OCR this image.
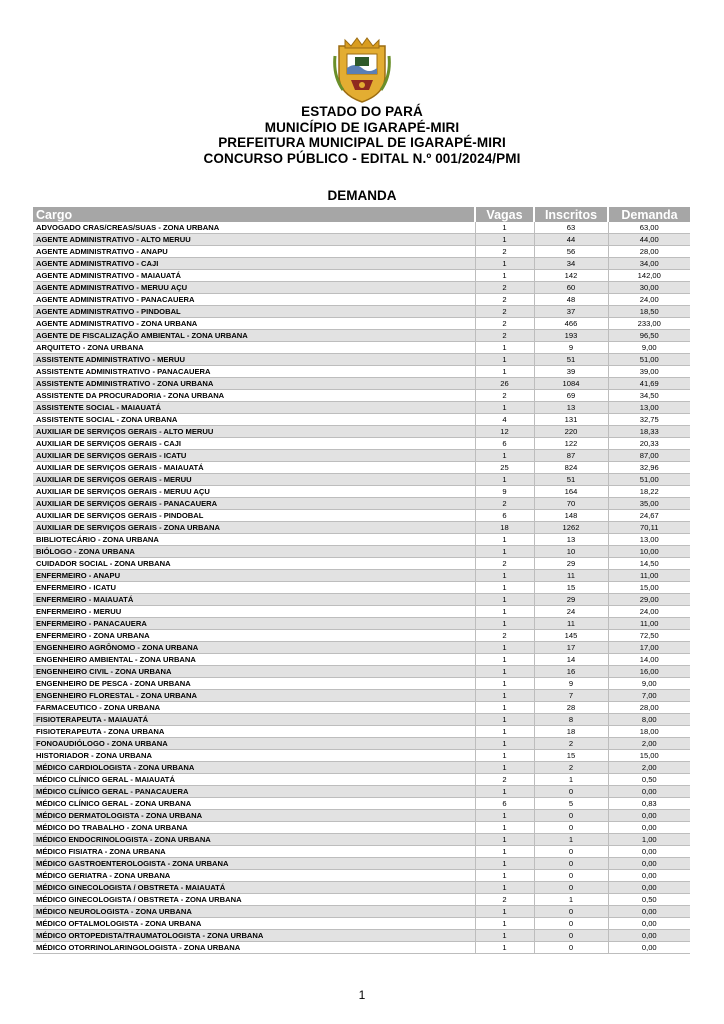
ESTADO DO PARÁ
MUNICÍPIO DE IGARAPÉ-MIRI
PREFEITURA MUNICIPAL DE IGARAPÉ-MIRI
CONCURSO PÚBLICO - EDITAL N.º 001/2024/PMI
DEMANDA
Cargo	Vagas	Inscritos	Demanda
ADVOGADO CRAS/CREAS/SUAS - ZONA URBANA	1	63	63,00
AGENTE ADMINISTRATIVO - ALTO MERUU	1	44	44,00
AGENTE ADMINISTRATIVO - ANAPU	2	56	28,00
AGENTE ADMINISTRATIVO - CAJI	1	34	34,00
AGENTE ADMINISTRATIVO - MAIAUATÁ	1	142	142,00
AGENTE ADMINISTRATIVO - MERUU AÇU	2	60	30,00
AGENTE ADMINISTRATIVO - PANACAUERA	2	48	24,00
AGENTE ADMINISTRATIVO - PINDOBAL	2	37	18,50
AGENTE ADMINISTRATIVO - ZONA URBANA	2	466	233,00
AGENTE DE FISCALIZAÇÃO AMBIENTAL - ZONA URBANA	2	193	96,50
ARQUITETO - ZONA URBANA	1	9	9,00
ASSISTENTE ADMINISTRATIVO - MERUU	1	51	51,00
ASSISTENTE ADMINISTRATIVO - PANACAUERA	1	39	39,00
ASSISTENTE ADMINISTRATIVO - ZONA URBANA	26	1084	41,69
ASSISTENTE DA PROCURADORIA - ZONA URBANA	2	69	34,50
ASSISTENTE SOCIAL - MAIAUATÁ	1	13	13,00
ASSISTENTE SOCIAL - ZONA URBANA	4	131	32,75
AUXILIAR DE SERVIÇOS GERAIS - ALTO MERUU	12	220	18,33
AUXILIAR DE SERVIÇOS GERAIS - CAJI	6	122	20,33
AUXILIAR DE SERVIÇOS GERAIS - ICATU	1	87	87,00
AUXILIAR DE SERVIÇOS GERAIS - MAIAUATÁ	25	824	32,96
AUXILIAR DE SERVIÇOS GERAIS - MERUU	1	51	51,00
AUXILIAR DE SERVIÇOS GERAIS - MERUU AÇU	9	164	18,22
AUXILIAR DE SERVIÇOS GERAIS - PANACAUERA	2	70	35,00
AUXILIAR DE SERVIÇOS GERAIS - PINDOBAL	6	148	24,67
AUXILIAR DE SERVIÇOS GERAIS - ZONA URBANA	18	1262	70,11
BIBLIOTECÁRIO - ZONA URBANA	1	13	13,00
BIÓLOGO - ZONA URBANA	1	10	10,00
CUIDADOR SOCIAL - ZONA URBANA	2	29	14,50
ENFERMEIRO - ANAPU	1	11	11,00
ENFERMEIRO - ICATU	1	15	15,00
ENFERMEIRO - MAIAUATÁ	1	29	29,00
ENFERMEIRO - MERUU	1	24	24,00
ENFERMEIRO - PANACAUERA	1	11	11,00
ENFERMEIRO - ZONA URBANA	2	145	72,50
ENGENHEIRO AGRÔNOMO - ZONA URBANA	1	17	17,00
ENGENHEIRO AMBIENTAL - ZONA URBANA	1	14	14,00
ENGENHEIRO CIVIL - ZONA URBANA	1	16	16,00
ENGENHEIRO DE PESCA - ZONA URBANA	1	9	9,00
ENGENHEIRO FLORESTAL - ZONA URBANA	1	7	7,00
FARMACEUTICO - ZONA URBANA	1	28	28,00
FISIOTERAPEUTA - MAIAUATÁ	1	8	8,00
FISIOTERAPEUTA - ZONA URBANA	1	18	18,00
FONOAUDIÓLOGO - ZONA URBANA	1	2	2,00
HISTORIADOR - ZONA URBANA	1	15	15,00
MÉDICO CARDIOLOGISTA - ZONA URBANA	1	2	2,00
MÉDICO CLÍNICO GERAL - MAIAUATÁ	2	1	0,50
MÉDICO CLÍNICO GERAL - PANACAUERA	1	0	0,00
MÉDICO CLÍNICO GERAL - ZONA URBANA	6	5	0,83
MÉDICO DERMATOLOGISTA - ZONA URBANA	1	0	0,00
MÉDICO DO TRABALHO - ZONA URBANA	1	0	0,00
MÉDICO ENDOCRINOLOGISTA - ZONA URBANA	1	1	1,00
MÉDICO FISIATRA - ZONA URBANA	1	0	0,00
MÉDICO GASTROENTEROLOGISTA - ZONA URBANA	1	0	0,00
MÉDICO GERIATRA - ZONA URBANA	1	0	0,00
MÉDICO GINECOLOGISTA / OBSTRETA - MAIAUATÁ	1	0	0,00
MÉDICO GINECOLOGISTA / OBSTRETA - ZONA URBANA	2	1	0,50
MÉDICO NEUROLOGISTA - ZONA URBANA	1	0	0,00
MÉDICO OFTALMOLOGISTA - ZONA URBANA	1	0	0,00
MÉDICO ORTOPEDISTA/TRAUMATOLOGISTA - ZONA URBANA	1	0	0,00
MÉDICO OTORRINOLARINGOLOGISTA - ZONA URBANA	1	0	0,00
1
